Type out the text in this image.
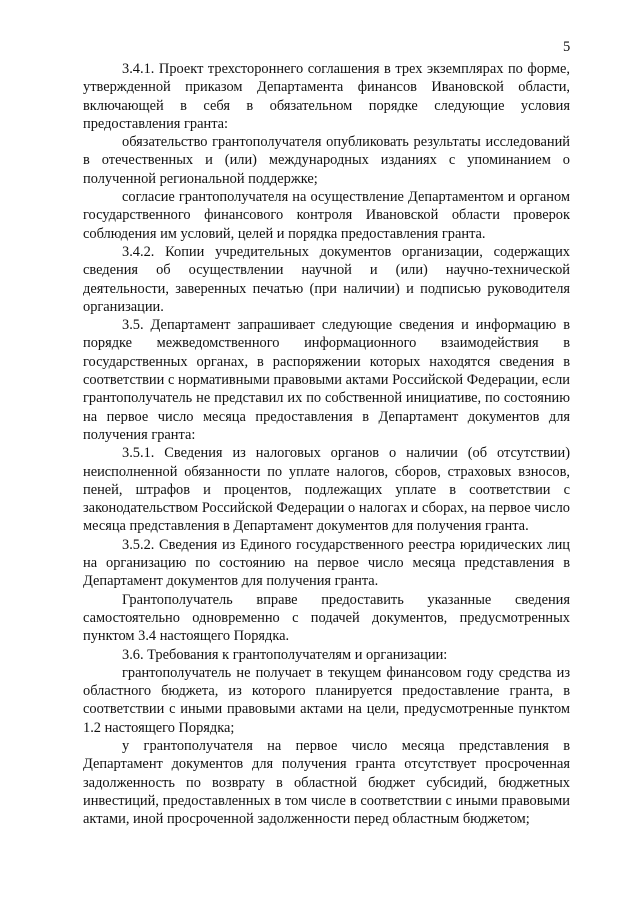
5

3.4.1. Проект трехстороннего соглашения в трех экземплярах по форме, утвержденной приказом Департамента финансов Ивановской области, включающей в себя в обязательном порядке следующие условия предоставления гранта:

обязательство грантополучателя опубликовать результаты исследований в отечественных и (или) международных изданиях с упоминанием о полученной региональной поддержке;

согласие грантополучателя на осуществление Департаментом и органом государственного финансового контроля Ивановской области проверок соблюдения им условий, целей и порядка предоставления гранта.

3.4.2. Копии учредительных документов организации, содержащих сведения об осуществлении научной и (или) научно-технической деятельности, заверенных печатью (при наличии) и подписью руководителя организации.

3.5. Департамент запрашивает следующие сведения и информацию в порядке межведомственного информационного взаимодействия в государственных органах, в распоряжении которых находятся сведения в соответствии с нормативными правовыми актами Российской Федерации, если грантополучатель не представил их по собственной инициативе, по состоянию на первое число месяца предоставления в Департамент документов для получения гранта:

3.5.1. Сведения из налоговых органов о наличии (об отсутствии) неисполненной обязанности по уплате налогов, сборов, страховых взносов, пеней, штрафов и процентов, подлежащих уплате в соответствии с законодательством Российской Федерации о налогах и сборах, на первое число месяца представления в Департамент документов для получения гранта.

3.5.2. Сведения из Единого государственного реестра юридических лиц на организацию по состоянию на первое число месяца представления в Департамент документов для получения гранта.

Грантополучатель вправе предоставить указанные сведения самостоятельно одновременно с подачей документов, предусмотренных пунктом 3.4 настоящего Порядка.

3.6. Требования к грантополучателям и организации:

грантополучатель не получает в текущем финансовом году средства из областного бюджета, из которого планируется предоставление гранта, в соответствии с иными правовыми актами на цели, предусмотренные пунктом 1.2 настоящего Порядка;

у грантополучателя на первое число месяца представления в Департамент документов для получения гранта отсутствует просроченная задолженность по возврату в областной бюджет субсидий, бюджетных инвестиций, предоставленных в том числе в соответствии с иными правовыми актами, иной просроченной задолженности перед областным бюджетом;
